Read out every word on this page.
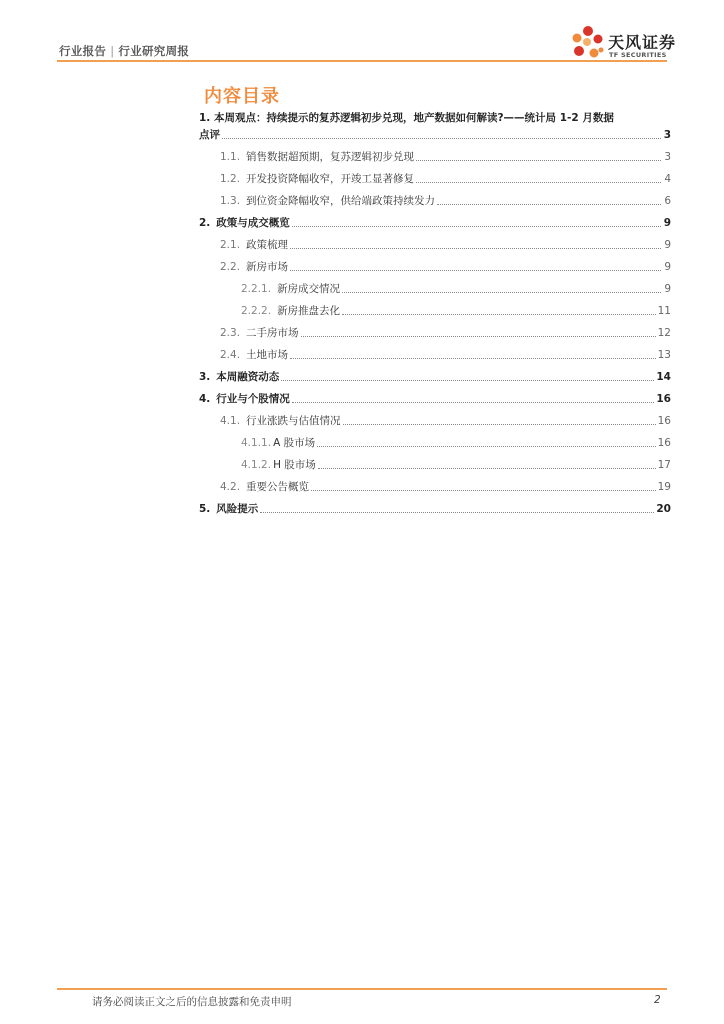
行业报告 | 行业研究周报	天风证券
TF SECURITIES
内容目录
1. 本周观点：持续提示的复苏逻辑初步兑现，地产数据如何解读?——统计局 1-2 月数据
点评	3
1.1. 销售数据超预期，复苏逻辑初步兑现	3
1.2. 开发投资降幅收窄，开竣工显著修复	4
1.3. 到位资金降幅收窄，供给端政策持续发力	6
2. 政策与成交概览	9
2.1. 政策梳理	9
2.2. 新房市场	9
2.2.1. 新房成交情况	9
2.2.2. 新房推盘去化	11
2.3. 二手房市场	12
2.4. 土地市场	13
3. 本周融资动态	14
4. 行业与个股情况	16
4.1. 行业涨跌与估值情况	16
4.1.1. A 股市场	16
4.1.2. H 股市场	17
4.2. 重要公告概览	19
5. 风险提示	20
请务必阅读正文之后的信息披露和免责申明	2
